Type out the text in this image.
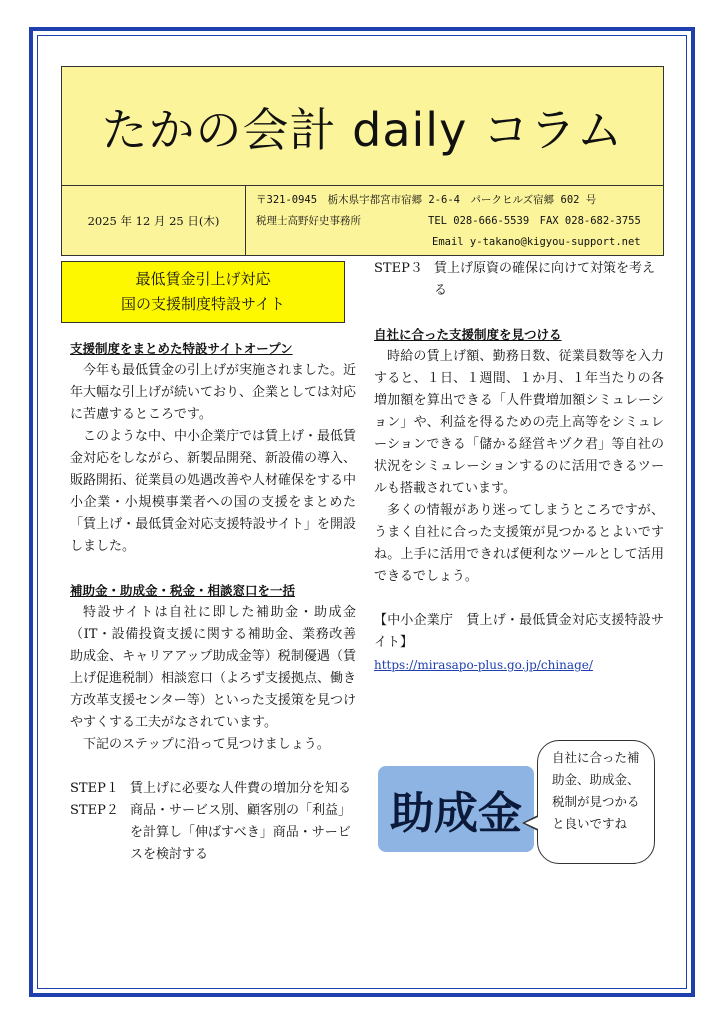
たかの会計 daily コラム
2025 年 12 月 25 日(木)
〒321-0945　栃木県宇都宮市宿郷 2-6-4　パークヒルズ宿郷 602 号
税理士高野好史事務所	TEL 028-666-5539　FAX 028-682-3755
Email y-takano@kigyou-support.net
最低賃金引上げ対応
国の支援制度特設サイト
支援制度をまとめた特設サイトオープン

今年も最低賃金の引上げが実施されました。近年大幅な引上げが続いており、企業としては対応に苦慮するところです。

このような中、中小企業庁では賃上げ・最低賃金対応をしながら、新製品開発、新設備の導入、販路開拓、従業員の処遇改善や人材確保をする中小企業・小規模事業者への国の支援をまとめた「賃上げ・最低賃金対応支援特設サイト」を開設しました。

補助金・助成金・税金・相談窓口を一括

特設サイトは自社に即した補助金・助成金（IT・設備投資支援に関する補助金、業務改善助成金、キャリアアップ助成金等）税制優遇（賃上げ促進税制）相談窓口（よろず支援拠点、働き方改革支援センター等）といった支援策を見つけやすくする工夫がなされています。

下記のステップに沿って見つけましょう。

STEP１ 賃上げに必要な人件費の増加分を知る
STEP２ 商品・サービス別、顧客別の「利益」を計算し「伸ばすべき」商品・サービスを検討する
STEP３ 賃上げ原資の確保に向けて対策を考える
自社に合った支援制度を見つける

時給の賃上げ額、勤務日数、従業員数等を入力すると、１日、１週間、１か月、１年当たりの各増加額を算出できる「人件費増加額シミュレーション」や、利益を得るための売上高等をシミュレーションできる「儲かる経営キヅク君」等自社の状況をシミュレーションするのに活用できるツールも搭載されています。

多くの情報があり迷ってしまうところですが、うまく自社に合った支援策が見つかるとよいですね。上手に活用できれば便利なツールとして活用できるでしょう。

【中小企業庁　賃上げ・最低賃金対応支援特設サイト】

https://mirasapo-plus.go.jp/chinage/
助成金
自社に合った補助金、助成金、税制が見つかると良いですね
